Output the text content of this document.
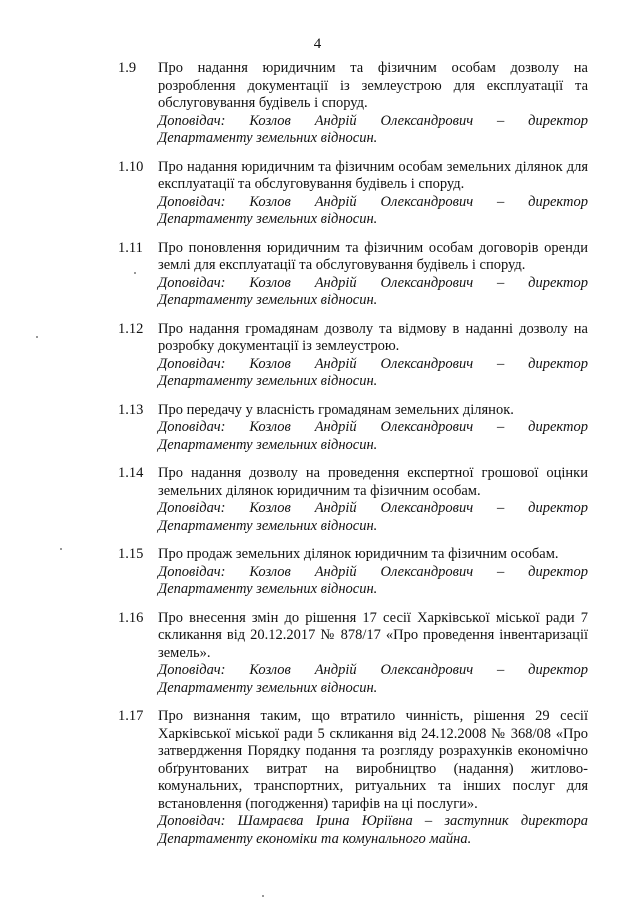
4
1.9	Про надання юридичним та фізичним особам дозволу на розроблення документації із землеустрою для експлуатації та обслуговування будівель і споруд.
Доповідач: Козлов Андрій Олександрович – директор
Департаменту земельних відносин.
1.10	Про надання юридичним та фізичним особам земельних ділянок для експлуатації та обслуговування будівель і споруд.
Доповідач: Козлов Андрій Олександрович – директор
Департаменту земельних відносин.
1.11	Про поновлення юридичним та фізичним особам договорів оренди землі для експлуатації та обслуговування будівель і споруд.
Доповідач: Козлов Андрій Олександрович – директор
Департаменту земельних відносин.
1.12	Про надання громадянам дозволу та відмову в наданні дозволу на розробку документації із землеустрою.
Доповідач: Козлов Андрій Олександрович – директор
Департаменту земельних відносин.
1.13	Про передачу у власність громадянам земельних ділянок.
Доповідач: Козлов Андрій Олександрович – директор
Департаменту земельних відносин.
1.14	Про надання дозволу на проведення експертної грошової оцінки земельних ділянок юридичним та фізичним особам.
Доповідач: Козлов Андрій Олександрович – директор
Департаменту земельних відносин.
1.15	Про продаж земельних ділянок юридичним та фізичним особам.
Доповідач: Козлов Андрій Олександрович – директор
Департаменту земельних відносин.
1.16	Про внесення змін до рішення 17 сесії Харківської міської ради 7 скликання від 20.12.2017 № 878/17 «Про проведення інвентаризації земель».
Доповідач: Козлов Андрій Олександрович – директор
Департаменту земельних відносин.
1.17	Про визнання таким, що втратило чинність, рішення 29 сесії Харківської міської ради 5 скликання від 24.12.2008 № 368/08 «Про затвердження Порядку подання та розгляду розрахунків економічно обґрунтованих витрат на виробництво (надання) житлово-комунальних, транспортних, ритуальних та інших послуг для встановлення (погодження) тарифів на ці послуги».
Доповідач: Шамраєва Ірина Юріївна – заступник директора
Департаменту економіки та комунального майна.
